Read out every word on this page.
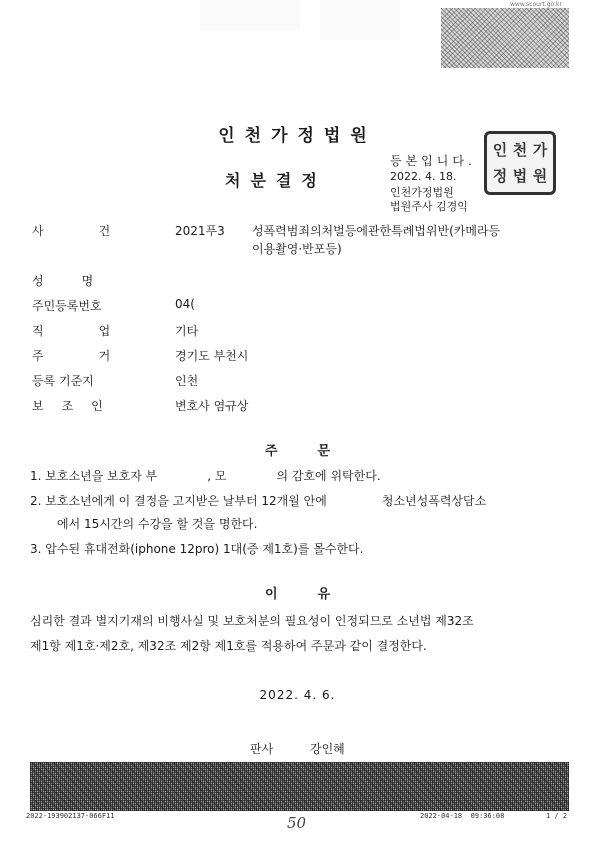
www.scourt.go.kr
인천가정법원
처분결정
등본입니다.
2022. 4. 18.
인천가정법원
법원주사 김경익
인 천 가
정 법 원
사건 2021푸3 성폭력범죄의처벌등에관한특례법위반(카메라등
이용촬영·반포등)
성명
주민등록번호	04(
직업 기타
주거 경기도 부천시
등록 기준지	인천
보조인	변호사 염규상
주문
1. 보호소년을 보호자 부	, 모	의 감호에 위탁한다.
2. 보호소년에게 이 결정을 고지받은 날부터 12개월 안에	청소년성폭력상담소
에서 15시간의 수강을 할 것을 명한다.
3. 압수된 휴대전화(iphone 12pro) 1대(증 제1호)를 몰수한다.
이유
심리한 결과 별지기재의 비행사실 및 보호처분의 필요성이 인정되므로 소년법 제32조
제1항 제1호·제2호, 제32조 제2항 제1호를 적용하여 주문과 같이 결정한다.
2022. 4. 6.
판사	강인혜
2022-193902137-066F11	2022-04-18  09:36:08	1 / 2
50
